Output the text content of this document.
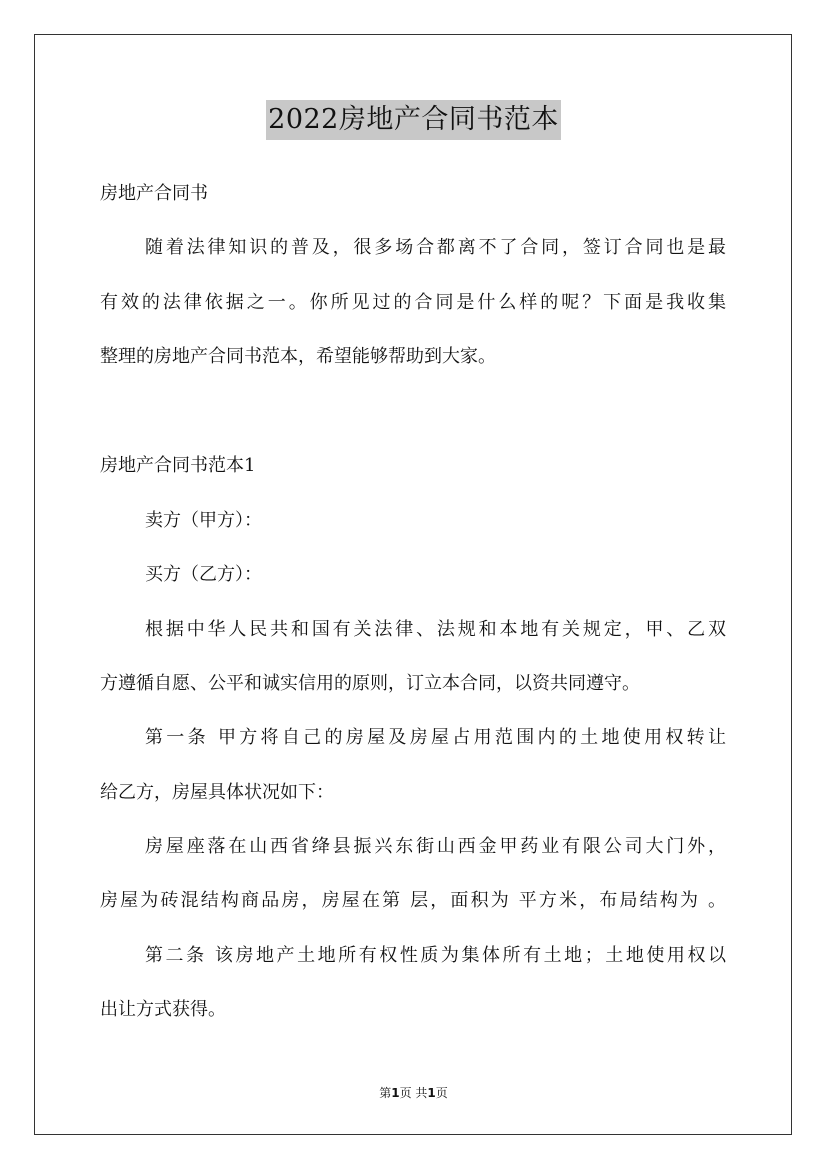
2022房地产合同书范本
房地产合同书
随着法律知识的普及，很多场合都离不了合同，签订合同也是最
有效的法律依据之一。你所见过的合同是什么样的呢？下面是我收集
整理的房地产合同书范本，希望能够帮助到大家。
房地产合同书范本1
卖方（甲方）：
买方（乙方）：
根据中华人民共和国有关法律、法规和本地有关规定，甲、乙双
方遵循自愿、公平和诚实信用的原则，订立本合同，以资共同遵守。
第一条 甲方将自己的房屋及房屋占用范围内的土地使用权转让
给乙方，房屋具体状况如下：
房屋座落在山西省绛县振兴东街山西金甲药业有限公司大门外，
房屋为砖混结构商品房，房屋在第 层，面积为 平方米，布局结构为 。
第二条 该房地产土地所有权性质为集体所有土地；土地使用权以
出让方式获得。
第1页 共1页
